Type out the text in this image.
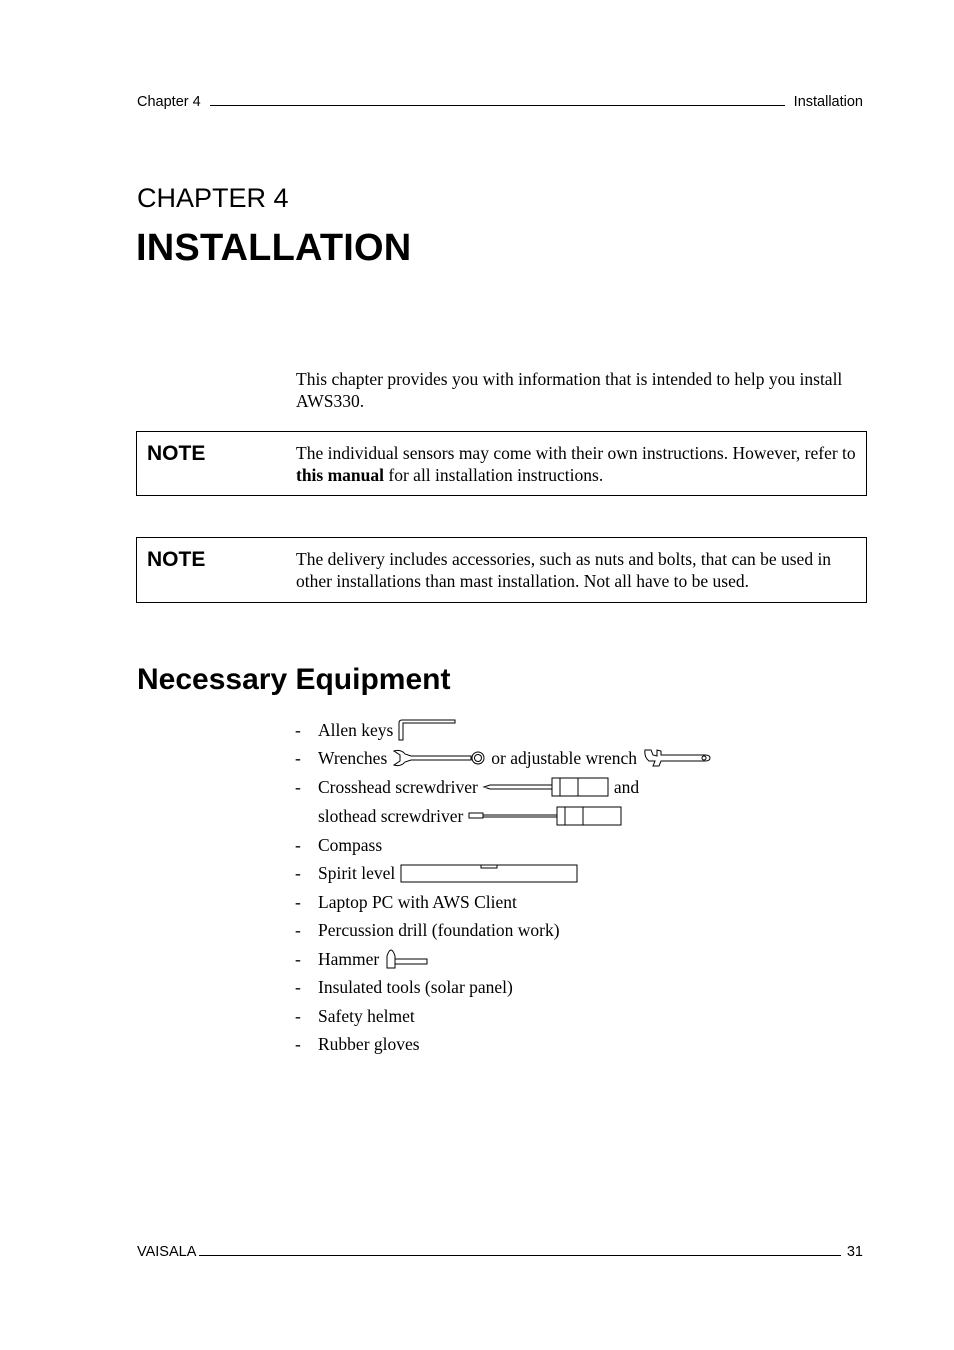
Chapter 4	Installation
CHAPTER 4
INSTALLATION
This chapter provides you with information that is intended to help you install AWS330.
NOTE	The individual sensors may come with their own instructions. However, refer to this manual for all installation instructions.
NOTE	The delivery includes accessories, such as nuts and bolts, that can be used in other installations than mast installation. Not all have to be used.
Necessary Equipment
- Allen keys
- Wrenches	or adjustable wrench
- Crosshead screwdriver	and
slothead screwdriver
- Compass
- Spirit level
- Laptop PC with AWS Client
- Percussion drill (foundation work)
- Hammer
- Insulated tools (solar panel)
- Safety helmet
- Rubber gloves
VAISALA	31
